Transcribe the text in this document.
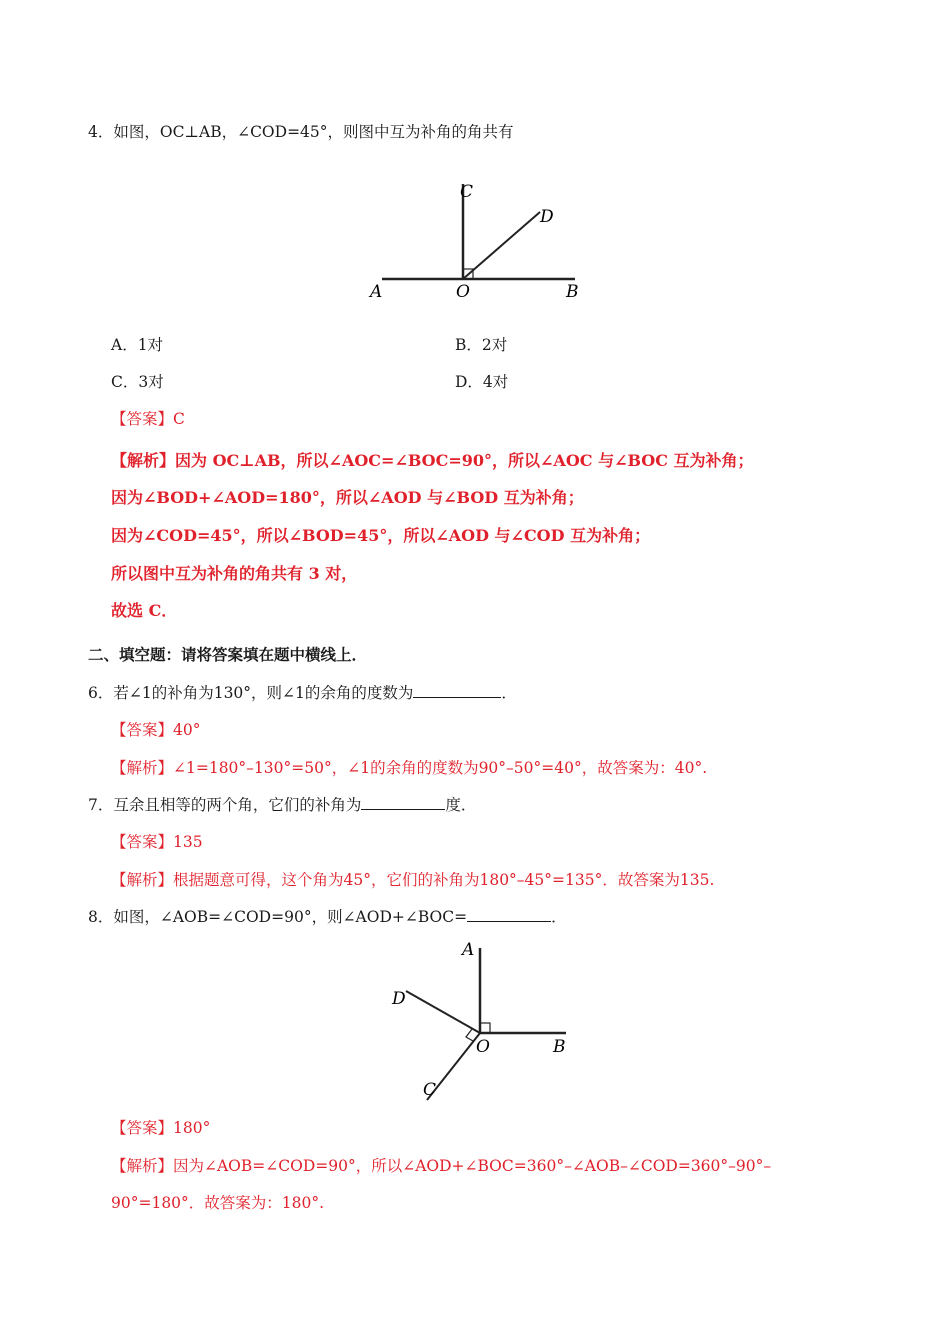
4．如图，OC⊥AB，∠COD=45°，则图中互为补角的角共有
A	O	B
C
D
A．1对	B．2对
C．3对	D．4对
【答案】C
【解析】因为 OC⊥AB，所以∠AOC=∠BOC=90°，所以∠AOC 与∠BOC 互为补角；
因为∠BOD+∠AOD=180°，所以∠AOD 与∠BOD 互为补角；
因为∠COD=45°，所以∠BOD=45°，所以∠AOD 与∠COD 互为补角；
所以图中互为补角的角共有 3 对，
故选 C．
二、填空题：请将答案填在题中横线上．
6．若∠1的补角为130°，则∠1的余角的度数为	．
【答案】40°
【解析】∠1=180°–130°=50°，∠1的余角的度数为90°–50°=40°，故答案为：40°.
7．互余且相等的两个角，它们的补角为	度．
【答案】135
【解析】根据题意可得，这个角为45°，它们的补角为180°–45°=135°．故答案为135.
8．如图，∠AOB=∠COD=90°，则∠AOD+∠BOC=	．
A
B
D
C
O
【答案】180°
【解析】因为∠AOB=∠COD=90°，所以∠AOD+∠BOC=360°–∠AOB–∠COD=360°–90°–
90°=180°．故答案为：180°.
